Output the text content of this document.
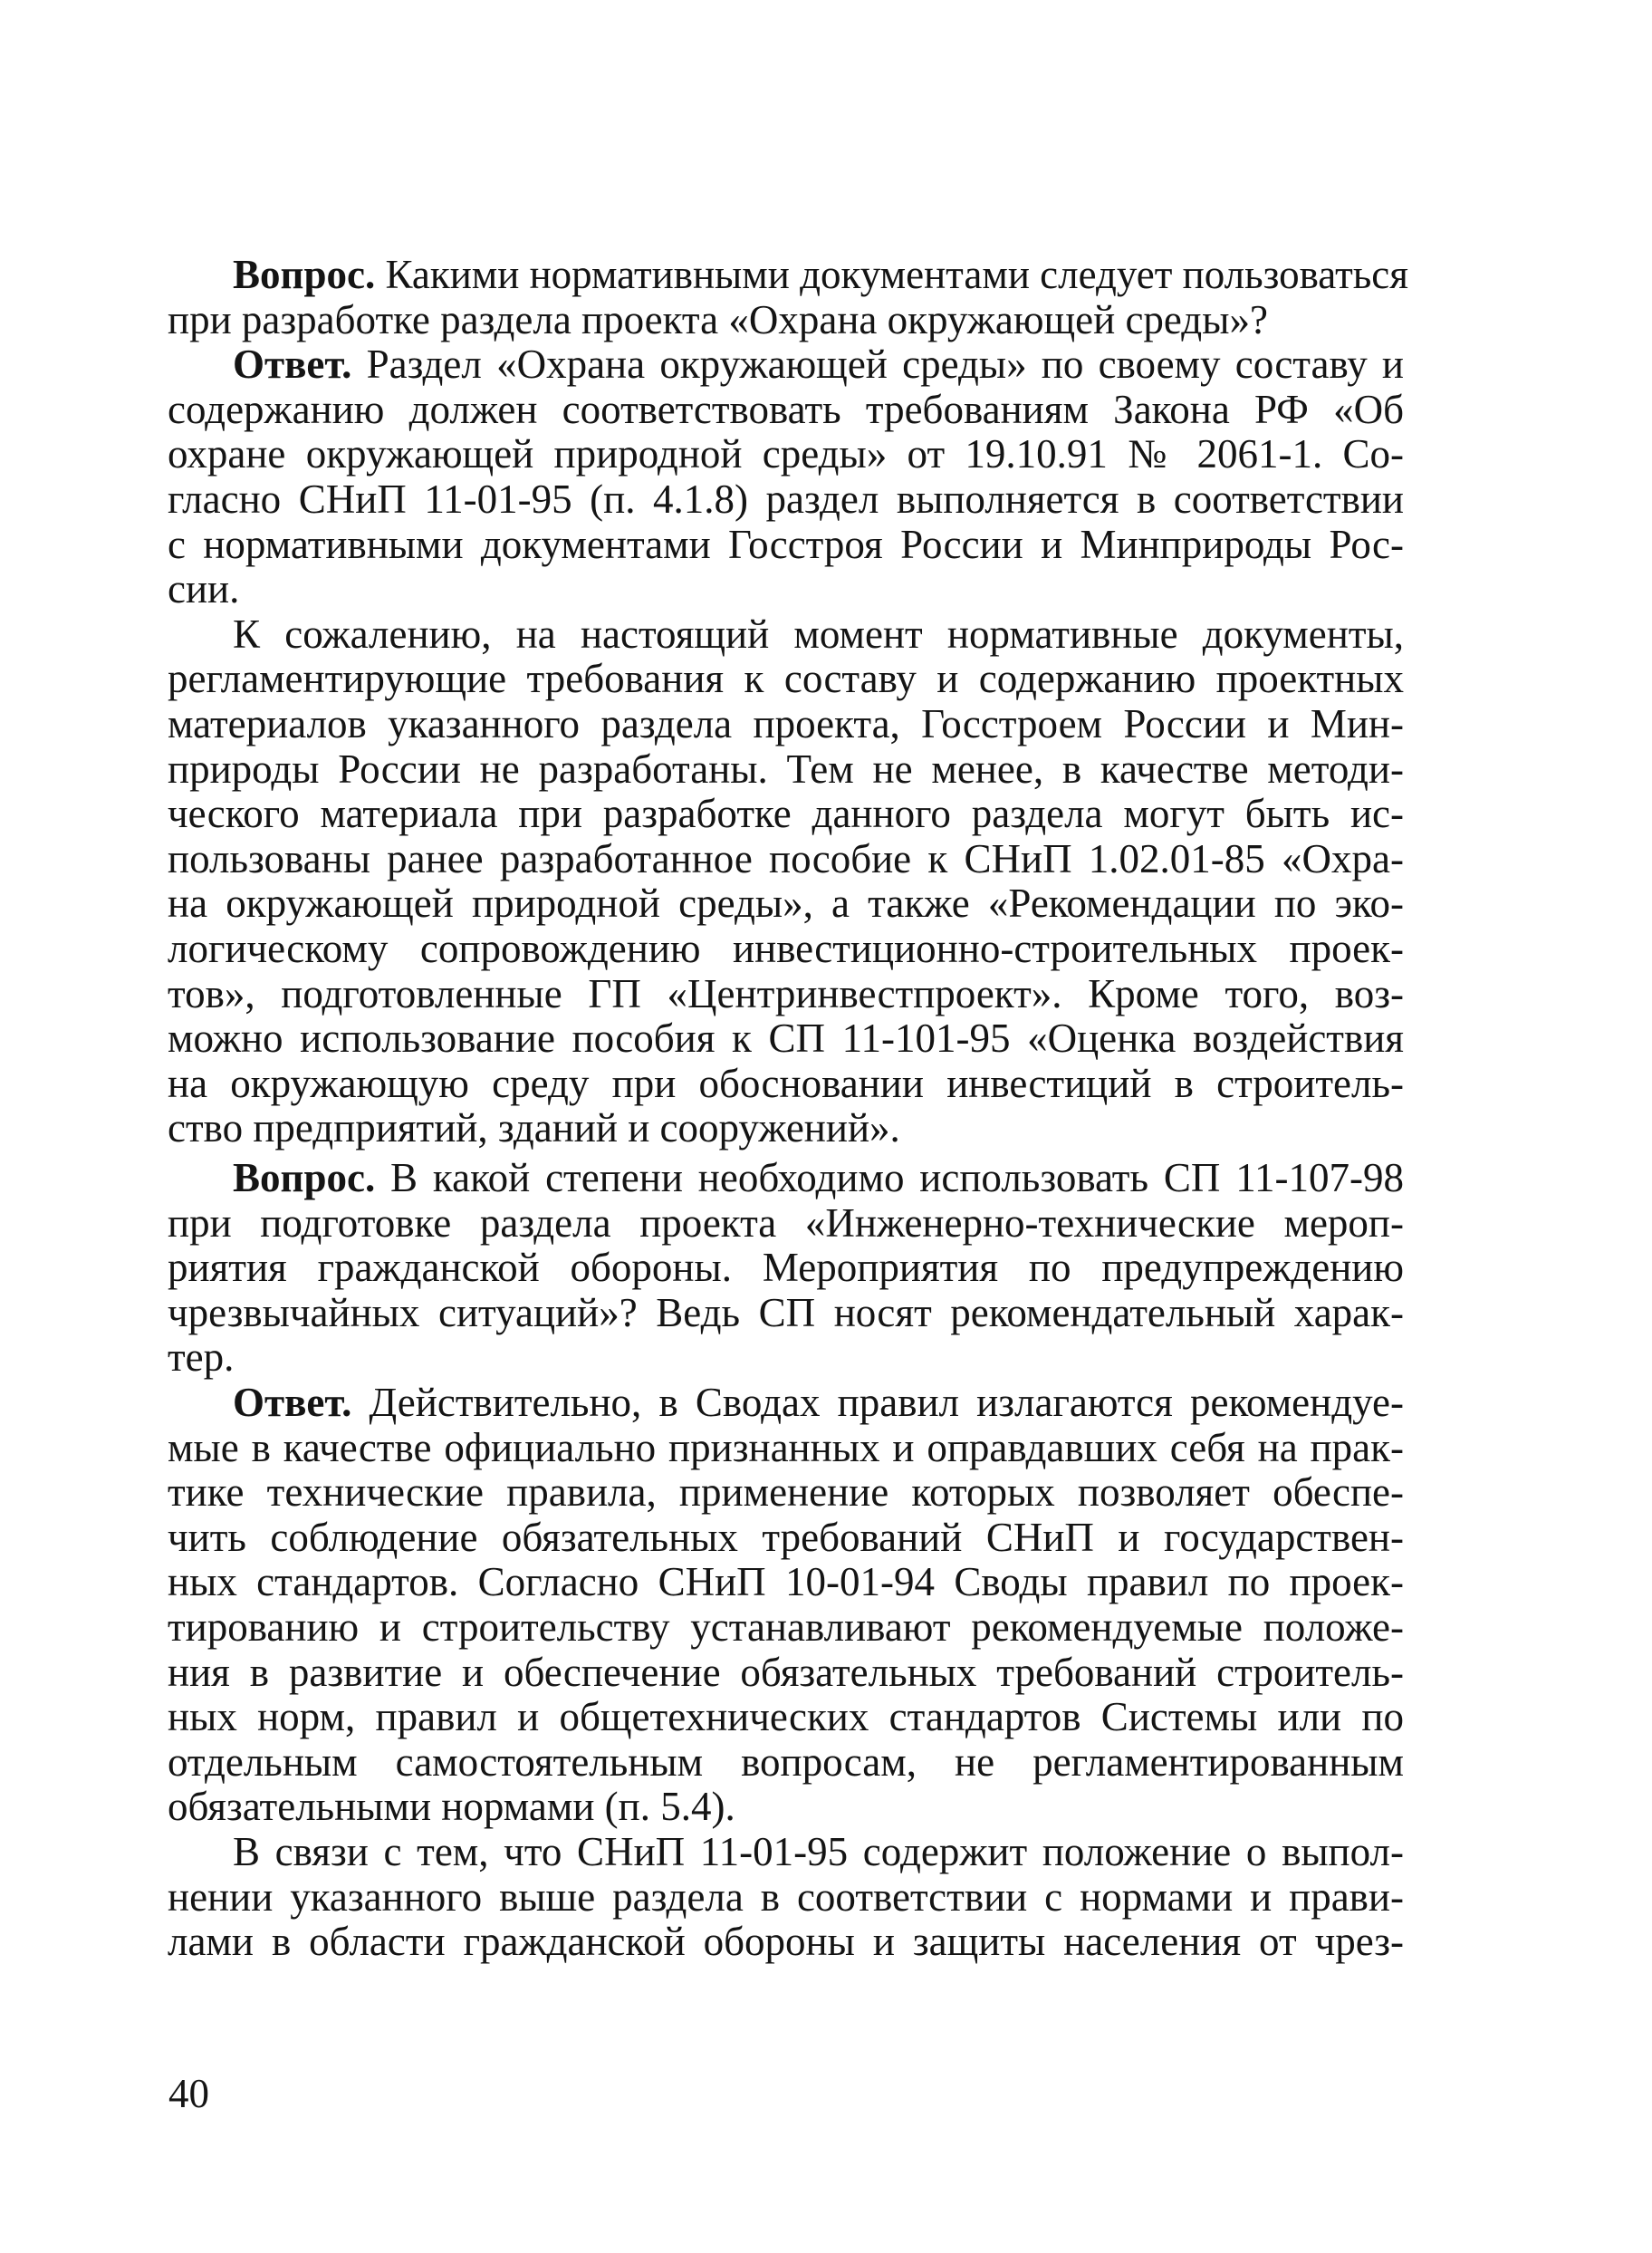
Вопрос. Какими нормативными документами следует пользоваться
при разработке раздела проекта «Охрана окружающей среды»?
Ответ. Раздел «Охрана окружающей среды» по своему составу и
содержанию должен соответствовать требованиям Закона РФ «Об
охране окружающей природной среды» от 19.10.91 № 2061-1. Со-
гласно СНиП 11-01-95 (п. 4.1.8) раздел выполняется в соответствии
с нормативными документами Госстроя России и Минприроды Рос-
сии.
К сожалению, на настоящий момент нормативные документы,
регламентирующие требования к составу и содержанию проектных
материалов указанного раздела проекта, Госстроем России и Мин-
природы России не разработаны. Тем не менее, в качестве методи-
ческого материала при разработке данного раздела могут быть ис-
пользованы ранее разработанное пособие к СНиП 1.02.01-85 «Охра-
на окружающей природной среды», а также «Рекомендации по эко-
логическому сопровождению инвестиционно-строительных проек-
тов», подготовленные ГП «Центринвестпроект». Кроме того, воз-
можно использование пособия к СП 11-101-95 «Оценка воздействия
на окружающую среду при обосновании инвестиций в строитель-
ство предприятий, зданий и сооружений».
Вопрос. В какой степени необходимо использовать СП 11-107-98
при подготовке раздела проекта «Инженерно-технические мероп-
риятия гражданской обороны. Мероприятия по предупреждению
чрезвычайных ситуаций»? Ведь СП носят рекомендательный харак-
тер.
Ответ. Действительно, в Сводах правил излагаются рекомендуе-
мые в качестве официально признанных и оправдавших себя на прак-
тике технические правила, применение которых позволяет обеспе-
чить соблюдение обязательных требований СНиП и государствен-
ных стандартов. Согласно СНиП 10-01-94 Своды правил по проек-
тированию и строительству устанавливают рекомендуемые положе-
ния в развитие и обеспечение обязательных требований строитель-
ных норм, правил и общетехнических стандартов Системы или по
отдельным самостоятельным вопросам, не регламентированным
обязательными нормами (п. 5.4).
В связи с тем, что СНиП 11-01-95 содержит положение о выпол-
нении указанного выше раздела в соответствии с нормами и прави-
лами в области гражданской обороны и защиты населения от чрез-
40
